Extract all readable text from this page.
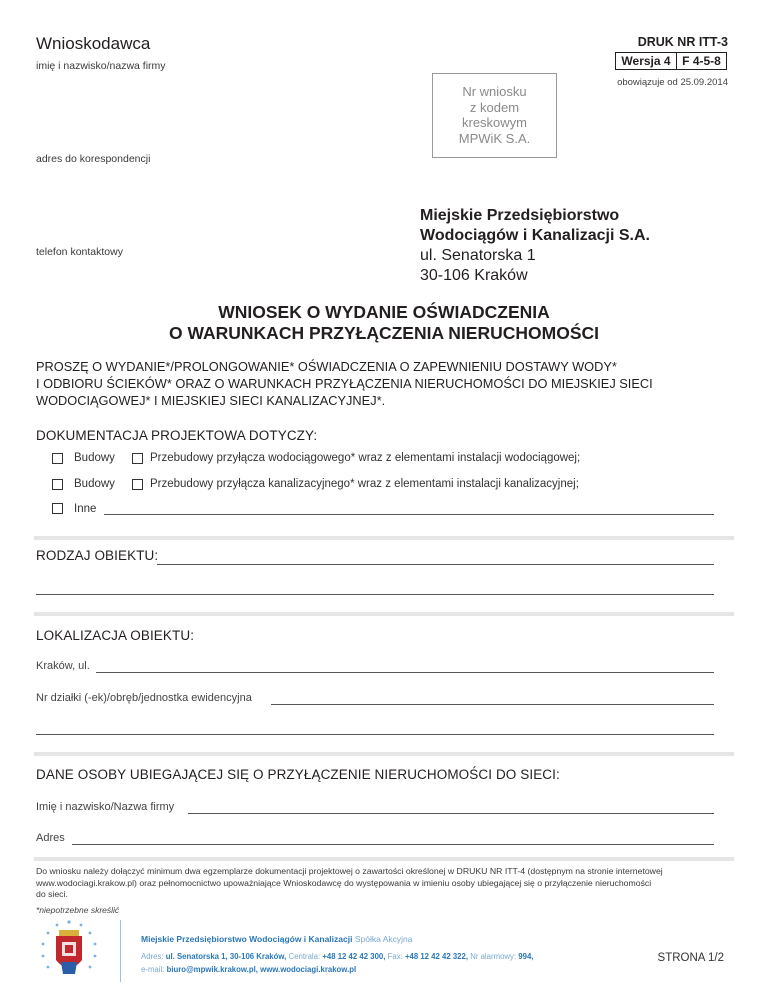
Wnioskodawca
imię i nazwisko/nazwa firmy
adres do korespondencji
telefon kontaktowy
DRUK NR ITT-3
Wersja 4 F 4-5-8
obowiązuje od 25.09.2014
Nr wniosku
z kodem
kreskowym
MPWiK S.A.
Miejskie Przedsiębiorstwo
Wodociągów i Kanalizacji S.A.
ul. Senatorska 1
30-106 Kraków
WNIOSEK O WYDANIE OŚWIADCZENIA
O WARUNKACH PRZYŁĄCZENIA NIERUCHOMOŚCI
PROSZĘ O WYDANIE*/PROLONGOWANIE* OŚWIADCZENIA O ZAPEWNIENIU DOSTAWY WODY*
I ODBIORU ŚCIEKÓW* ORAZ O WARUNKACH PRZYŁĄCZENIA NIERUCHOMOŚCI DO MIEJSKIEJ SIECI
WODOCIĄGOWEJ* I MIEJSKIEJ SIECI KANALIZACYJNEJ*.
DOKUMENTACJA PROJEKTOWA DOTYCZY:
Budowy	Przebudowy przyłącza wodociągowego* wraz z elementami instalacji wodociągowej;
Budowy	Przebudowy przyłącza kanalizacyjnego* wraz z elementami instalacji kanalizacyjnej;
Inne
RODZAJ OBIEKTU:
LOKALIZACJA OBIEKTU:
Kraków, ul.
Nr działki (-ek)/obręb/jednostka ewidencyjna
DANE OSOBY UBIEGAJĄCEJ SIĘ O PRZYŁĄCZENIE NIERUCHOMOŚCI DO SIECI:
Imię i nazwisko/Nazwa firmy
Adres
Do wniosku należy dołączyć minimum dwa egzemplarze dokumentacji projektowej o zawartości określonej w DRUKU NR ITT-4 (dostępnym na stronie internetowej
www.wodociagi.krakow.pl) oraz pełnomocnictwo upoważniające Wnioskodawcę do występowania w imieniu osoby ubiegającej się o przyłączenie nieruchomości
do sieci.
*niepotrzebne skreślić
Miejskie Przedsiębiorstwo Wodociągów i Kanalizacji Spółka Akcyjna
Adres: ul. Senatorska 1, 30-106 Kraków, Centrala: +48 12 42 42 300, Fax: +48 12 42 42 322, Nr alarmowy: 994,
e-mail: biuro@mpwik.krakow.pl, www.wodociagi.krakow.pl
STRONA 1/2
